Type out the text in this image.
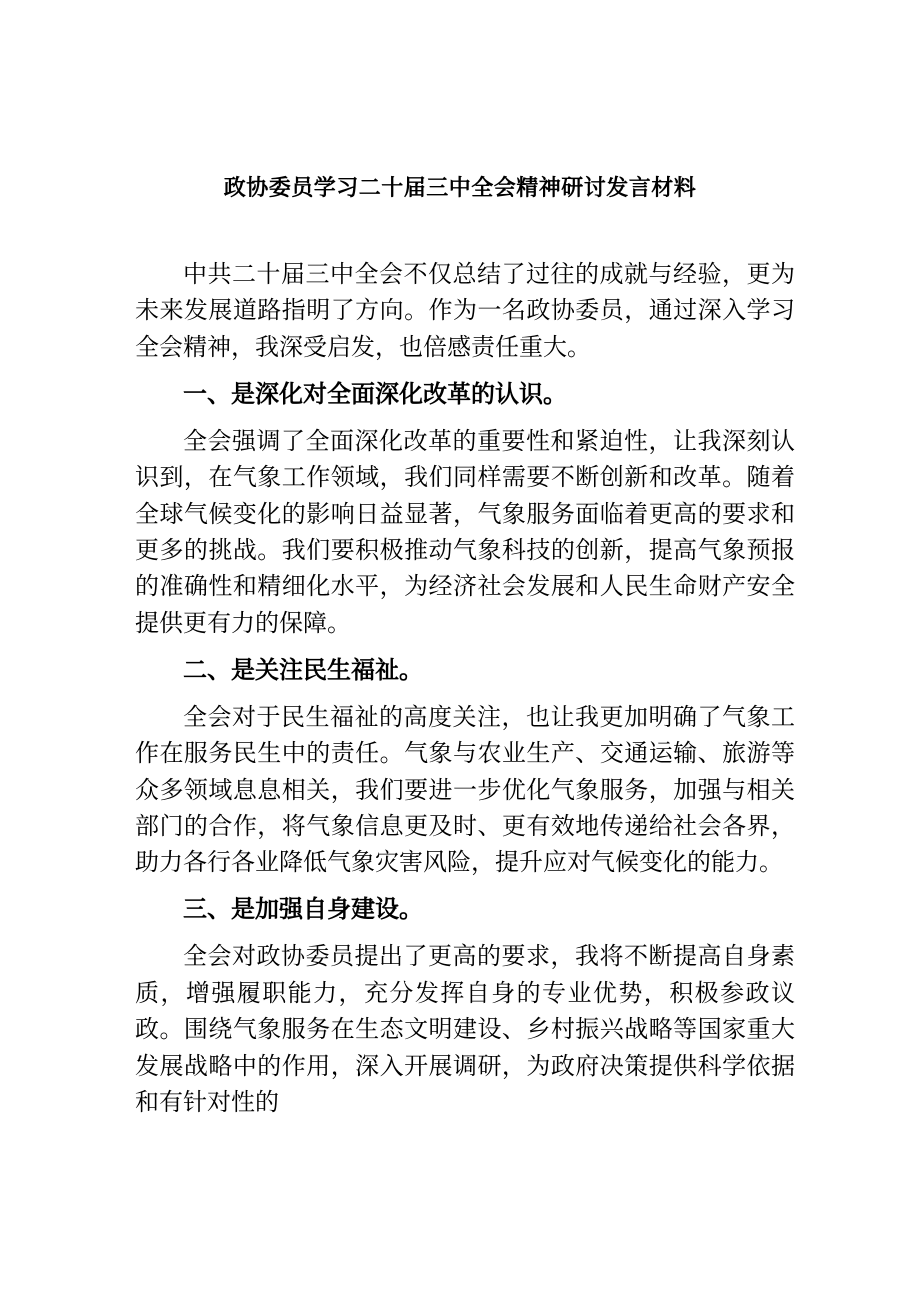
政协委员学习二十届三中全会精神研讨发言材料

中共二十届三中全会不仅总结了过往的成就与经验，更为未来发展道路指明了方向。作为一名政协委员，通过深入学习全会精神，我深受启发，也倍感责任重大。

一、是深化对全面深化改革的认识。

全会强调了全面深化改革的重要性和紧迫性，让我深刻认识到，在气象工作领域，我们同样需要不断创新和改革。随着全球气候变化的影响日益显著，气象服务面临着更高的要求和更多的挑战。我们要积极推动气象科技的创新，提高气象预报的准确性和精细化水平，为经济社会发展和人民生命财产安全提供更有力的保障。

二、是关注民生福祉。

全会对于民生福祉的高度关注，也让我更加明确了气象工作在服务民生中的责任。气象与农业生产、交通运输、旅游等众多领域息息相关，我们要进一步优化气象服务，加强与相关部门的合作，将气象信息更及时、更有效地传递给社会各界，助力各行各业降低气象灾害风险，提升应对气候变化的能力。

三、是加强自身建设。

全会对政协委员提出了更高的要求，我将不断提高自身素质，增强履职能力，充分发挥自身的专业优势，积极参政议政。围绕气象服务在生态文明建设、乡村振兴战略等国家重大发展战略中的作用，深入开展调研，为政府决策提供科学依据和有针对性的
